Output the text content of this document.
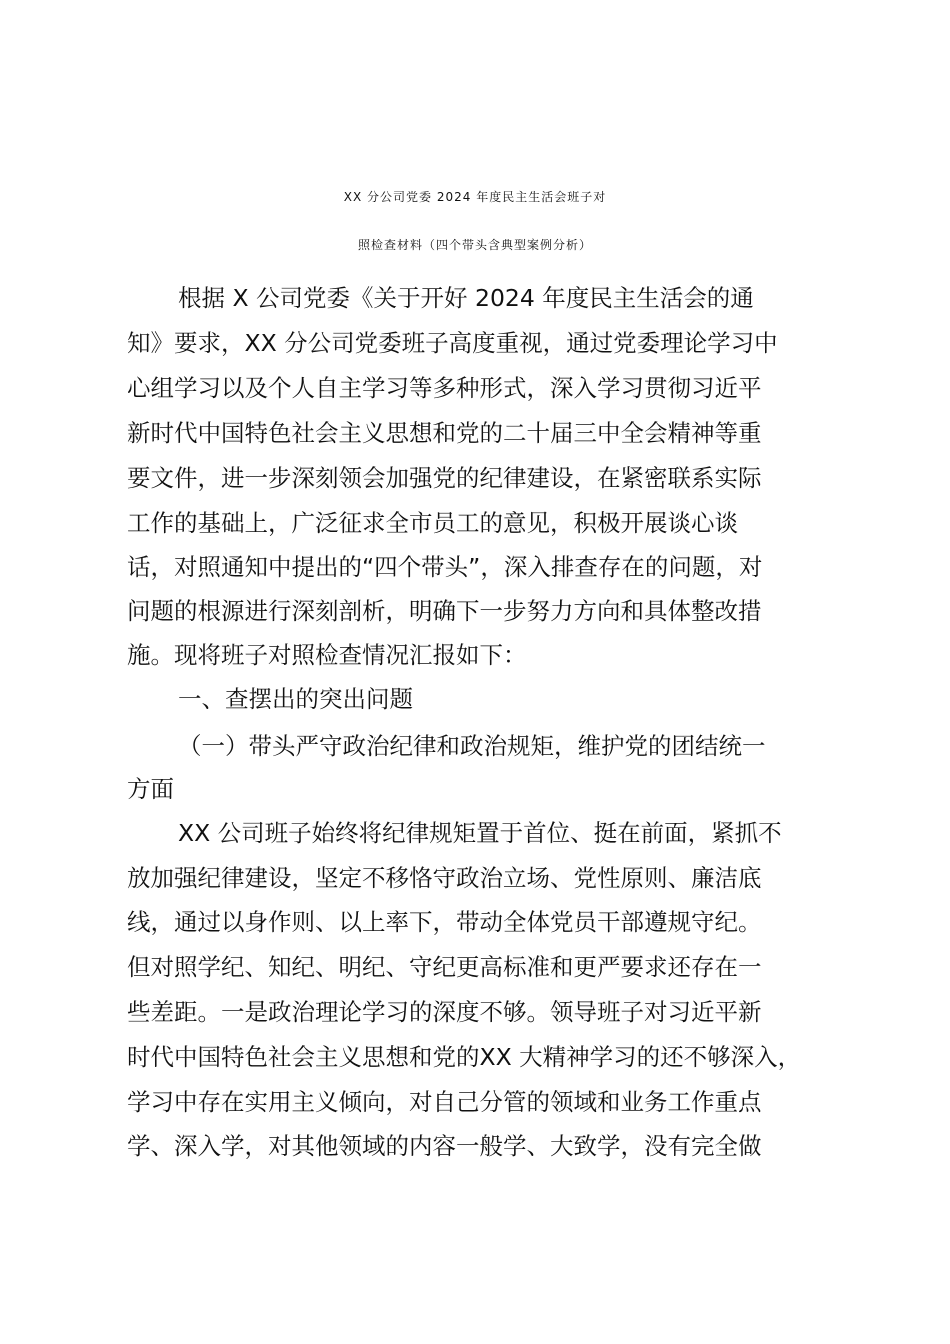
XX 分公司党委 2024 年度民主生活会班子对
照检查材料（四个带头含典型案例分析）
根据 X 公司党委《关于开好 2024 年度民主生活会的通
知》要求，XX 分公司党委班子高度重视，通过党委理论学习中
心组学习以及个人自主学习等多种形式，深入学习贯彻习近平
新时代中国特色社会主义思想和党的二十届三中全会精神等重
要文件，进一步深刻领会加强党的纪律建设，在紧密联系实际
工作的基础上，广泛征求全市员工的意见，积极开展谈心谈
话，对照通知中提出的“四个带头”，深入排查存在的问题，对
问题的根源进行深刻剖析，明确下一步努力方向和具体整改措
施。现将班子对照检查情况汇报如下：
一、查摆出的突出问题
（一）带头严守政治纪律和政治规矩，维护党的团结统一
方面
XX 公司班子始终将纪律规矩置于首位、挺在前面，紧抓不
放加强纪律建设，坚定不移恪守政治立场、党性原则、廉洁底
线，通过以身作则、以上率下，带动全体党员干部遵规守纪。
但对照学纪、知纪、明纪、守纪更高标准和更严要求还存在一
些差距。一是政治理论学习的深度不够。领导班子对习近平新
时代中国特色社会主义思想和党的XX 大精神学习的还不够深入，
学习中存在实用主义倾向，对自己分管的领域和业务工作重点
学、深入学，对其他领域的内容一般学、大致学，没有完全做
